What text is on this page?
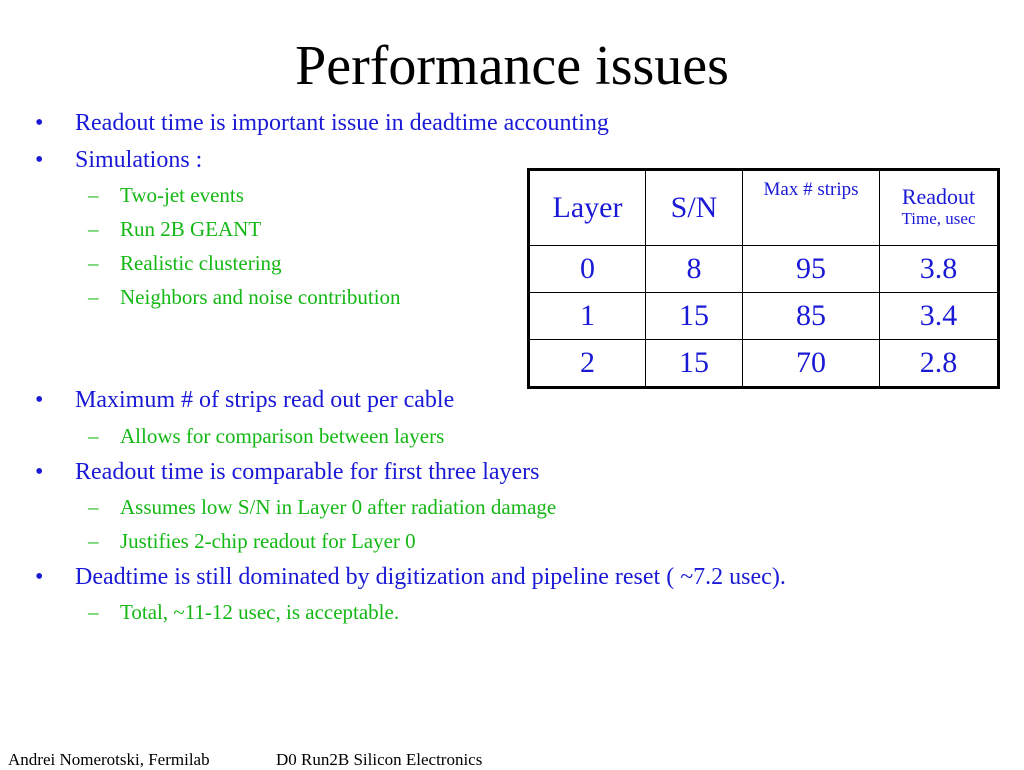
Performance issues
• Readout time is important issue in deadtime accounting
• Simulations :
– Two-jet events
– Run 2B GEANT
– Realistic clustering
– Neighbors and noise contribution
• Maximum # of strips read out per cable
– Allows for comparison between layers
• Readout time is comparable for first three layers
– Assumes low S/N in Layer 0 after radiation damage
– Justifies 2-chip readout for Layer 0
• Deadtime is still dominated by digitization and pipeline reset ( ~7.2 usec).
– Total, ~11-12 usec, is acceptable.
Layer	S/N	Max # strips	Readout
Time, usec

0	8	95	3.8
1	15	85	3.4
2	15	70	2.8
Andrei Nomerotski, Fermilab	D0 Run2B Silicon Electronics
